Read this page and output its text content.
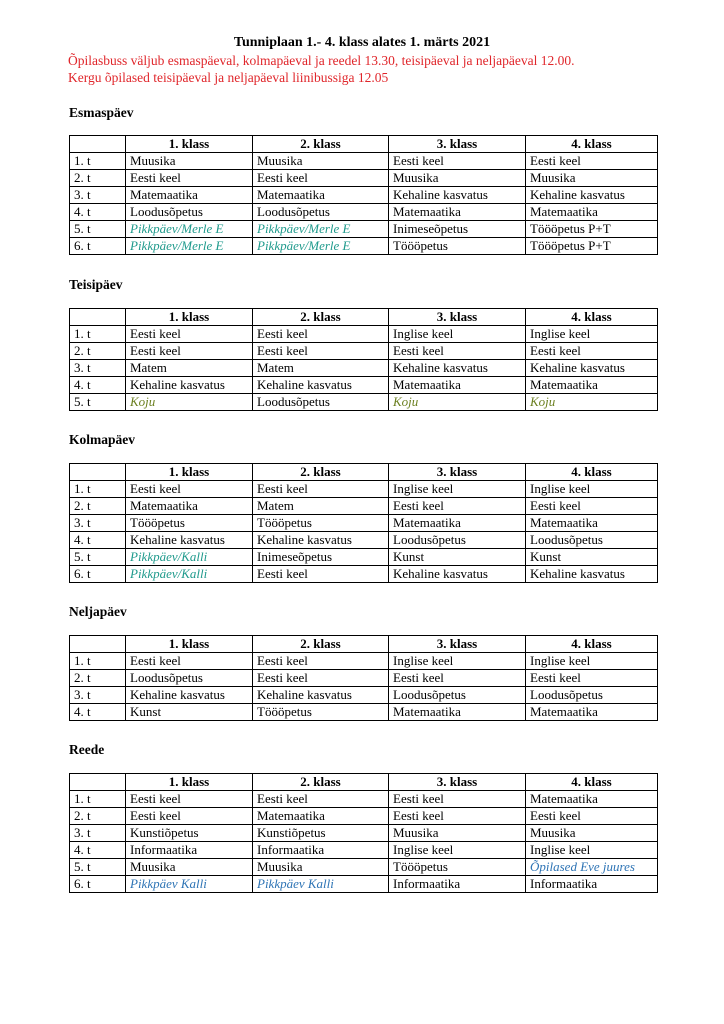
Tunniplaan 1.- 4. klass alates 1. märts 2021
Õpilasbuss väljub esmaspäeval, kolmapäeval ja reedel 13.30, teisipäeval ja neljapäeval 12.00.
Kergu õpilased teisipäeval ja neljapäeval liinibussiga 12.05
Esmaspäev
	1. klass	2. klass	3. klass	4. klass
1. t	Muusika	Muusika	Eesti keel	Eesti keel
2. t	Eesti keel	Eesti keel	Muusika	Muusika
3. t	Matemaatika	Matemaatika	Kehaline kasvatus	Kehaline kasvatus
4. t	Loodusõpetus	Loodusõpetus	Matemaatika	Matemaatika
5. t	Pikkpäev/Merle E	Pikkpäev/Merle E	Inimeseõpetus	Töööpetus P+T
6. t	Pikkpäev/Merle E	Pikkpäev/Merle E	Töööpetus	Töööpetus P+T
Teisipäev
	1. klass	2. klass	3. klass	4. klass
1. t	Eesti keel	Eesti keel	Inglise keel	Inglise keel
2. t	Eesti keel	Eesti keel	Eesti keel	Eesti keel
3. t	Matem	Matem	Kehaline kasvatus	Kehaline kasvatus
4. t	Kehaline kasvatus	Kehaline kasvatus	Matemaatika	Matemaatika
5. t	Koju	Loodusõpetus	Koju	Koju
Kolmapäev
	1. klass	2. klass	3. klass	4. klass
1. t	Eesti keel	Eesti keel	Inglise keel	Inglise keel
2. t	Matemaatika	Matem	Eesti keel	Eesti keel
3. t	Töööpetus	Töööpetus	Matemaatika	Matemaatika
4. t	Kehaline kasvatus	Kehaline kasvatus	Loodusõpetus	Loodusõpetus
5. t	Pikkpäev/Kalli	Inimeseõpetus	Kunst	Kunst
6. t	Pikkpäev/Kalli	Eesti keel	Kehaline kasvatus	Kehaline kasvatus
Neljapäev
	1. klass	2. klass	3. klass	4. klass
1. t	Eesti keel	Eesti keel	Inglise keel	Inglise keel
2. t	Loodusõpetus	Eesti keel	Eesti keel	Eesti keel
3. t	Kehaline kasvatus	Kehaline kasvatus	Loodusõpetus	Loodusõpetus
4. t	Kunst	Töööpetus	Matemaatika	Matemaatika
Reede
	1. klass	2. klass	3. klass	4. klass
1. t	Eesti keel	Eesti keel	Eesti keel	Matemaatika
2. t	Eesti keel	Matemaatika	Eesti keel	Eesti keel
3. t	Kunstiõpetus	Kunstiõpetus	Muusika	Muusika
4. t	Informaatika	Informaatika	Inglise keel	Inglise keel
5. t	Muusika	Muusika	Töööpetus	Õpilased Eve juures
6. t	Pikkpäev Kalli	Pikkpäev Kalli	Informaatika	Informaatika
